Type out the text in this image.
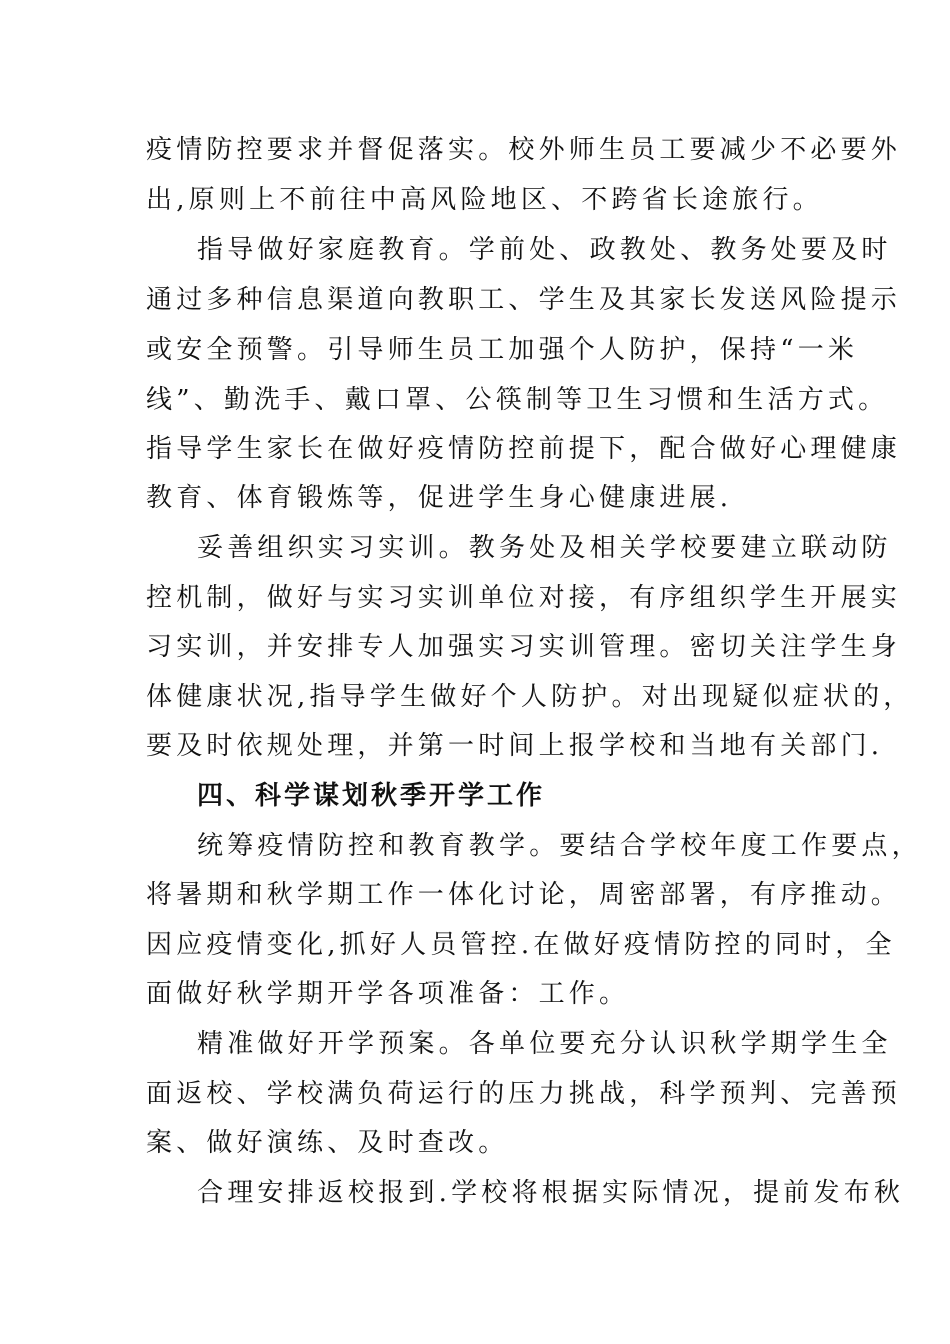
疫情防控要求并督促落实。校外师生员工要减少不必要外
出,原则上不前往中高风险地区、不跨省长途旅行。
指导做好家庭教育。学前处、政教处、教务处要及时
通过多种信息渠道向教职工、学生及其家长发送风险提示
或安全预警。引导师生员工加强个人防护，保持“一米
线”、勤洗手、戴口罩、公筷制等卫生习惯和生活方式。
指导学生家长在做好疫情防控前提下，配合做好心理健康
教育、体育锻炼等，促进学生身心健康进展.
妥善组织实习实训。教务处及相关学校要建立联动防
控机制，做好与实习实训单位对接，有序组织学生开展实
习实训，并安排专人加强实习实训管理。密切关注学生身
体健康状况,指导学生做好个人防护。对出现疑似症状的，
要及时依规处理，并第一时间上报学校和当地有关部门.
四、科学谋划秋季开学工作
统筹疫情防控和教育教学。要结合学校年度工作要点，
将暑期和秋学期工作一体化讨论，周密部署，有序推动。
因应疫情变化,抓好人员管控.在做好疫情防控的同时，全
面做好秋学期开学各项准备：工作。
精准做好开学预案。各单位要充分认识秋学期学生全
面返校、学校满负荷运行的压力挑战，科学预判、完善预
案、做好演练、及时查改。
合理安排返校报到.学校将根据实际情况，提前发布秋
